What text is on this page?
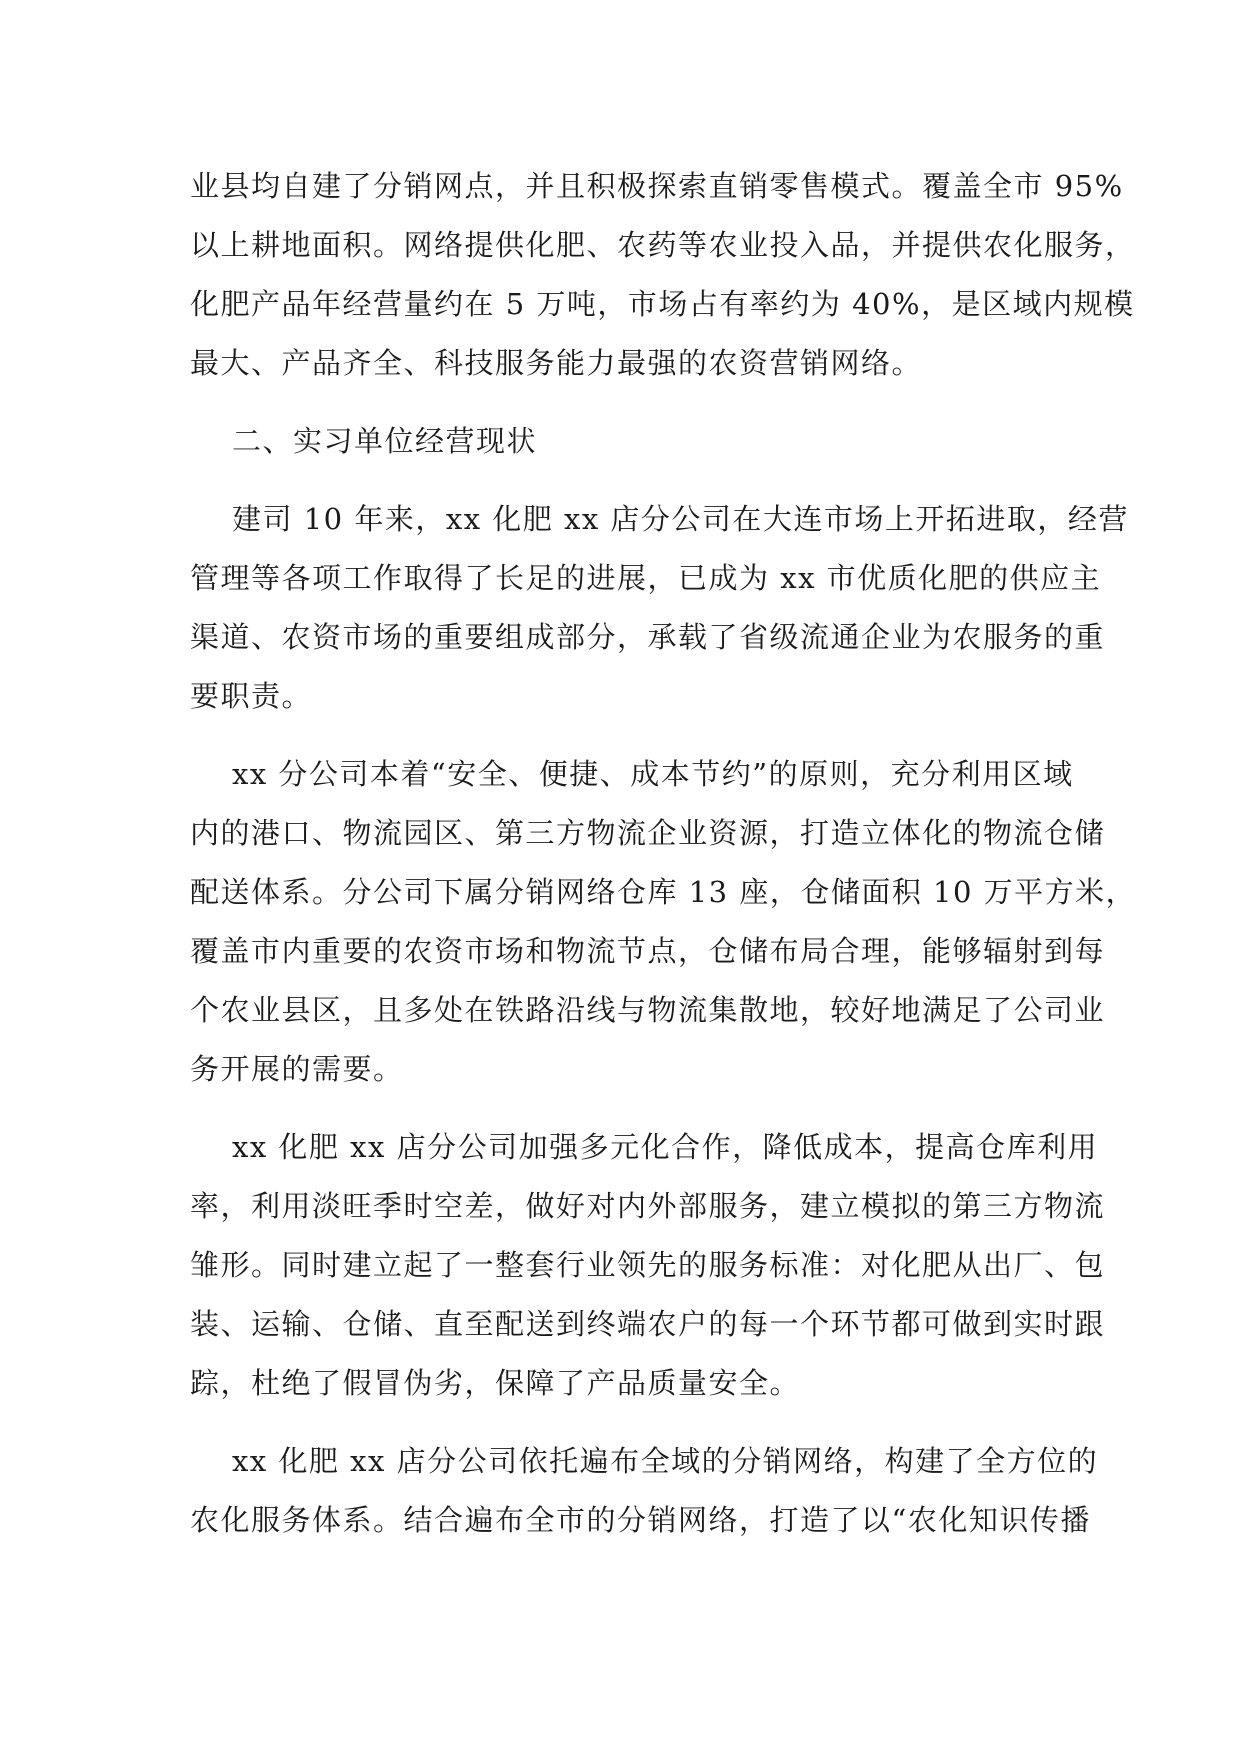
业县均自建了分销网点，并且积极探索直销零售模式。覆盖全市 95%
以上耕地面积。网络提供化肥、农药等农业投入品，并提供农化服务，
化肥产品年经营量约在 5 万吨，市场占有率约为 40%，是区域内规模
最大、产品齐全、科技服务能力最强的农资营销网络。
二、实习单位经营现状
建司 10 年来，xx 化肥 xx 店分公司在大连市场上开拓进取，经营
管理等各项工作取得了长足的进展，已成为 xx 市优质化肥的供应主
渠道、农资市场的重要组成部分，承载了省级流通企业为农服务的重
要职责。
xx 分公司本着“安全、便捷、成本节约”的原则，充分利用区域
内的港口、物流园区、第三方物流企业资源，打造立体化的物流仓储
配送体系。分公司下属分销网络仓库 13 座，仓储面积 10 万平方米，
覆盖市内重要的农资市场和物流节点，仓储布局合理，能够辐射到每
个农业县区，且多处在铁路沿线与物流集散地，较好地满足了公司业
务开展的需要。
xx 化肥 xx 店分公司加强多元化合作，降低成本，提高仓库利用
率，利用淡旺季时空差，做好对内外部服务，建立模拟的第三方物流
雏形。同时建立起了一整套行业领先的服务标准：对化肥从出厂、包
装、运输、仓储、直至配送到终端农户的每一个环节都可做到实时跟
踪，杜绝了假冒伪劣，保障了产品质量安全。
xx 化肥 xx 店分公司依托遍布全域的分销网络，构建了全方位的
农化服务体系。结合遍布全市的分销网络，打造了以“农化知识传播
